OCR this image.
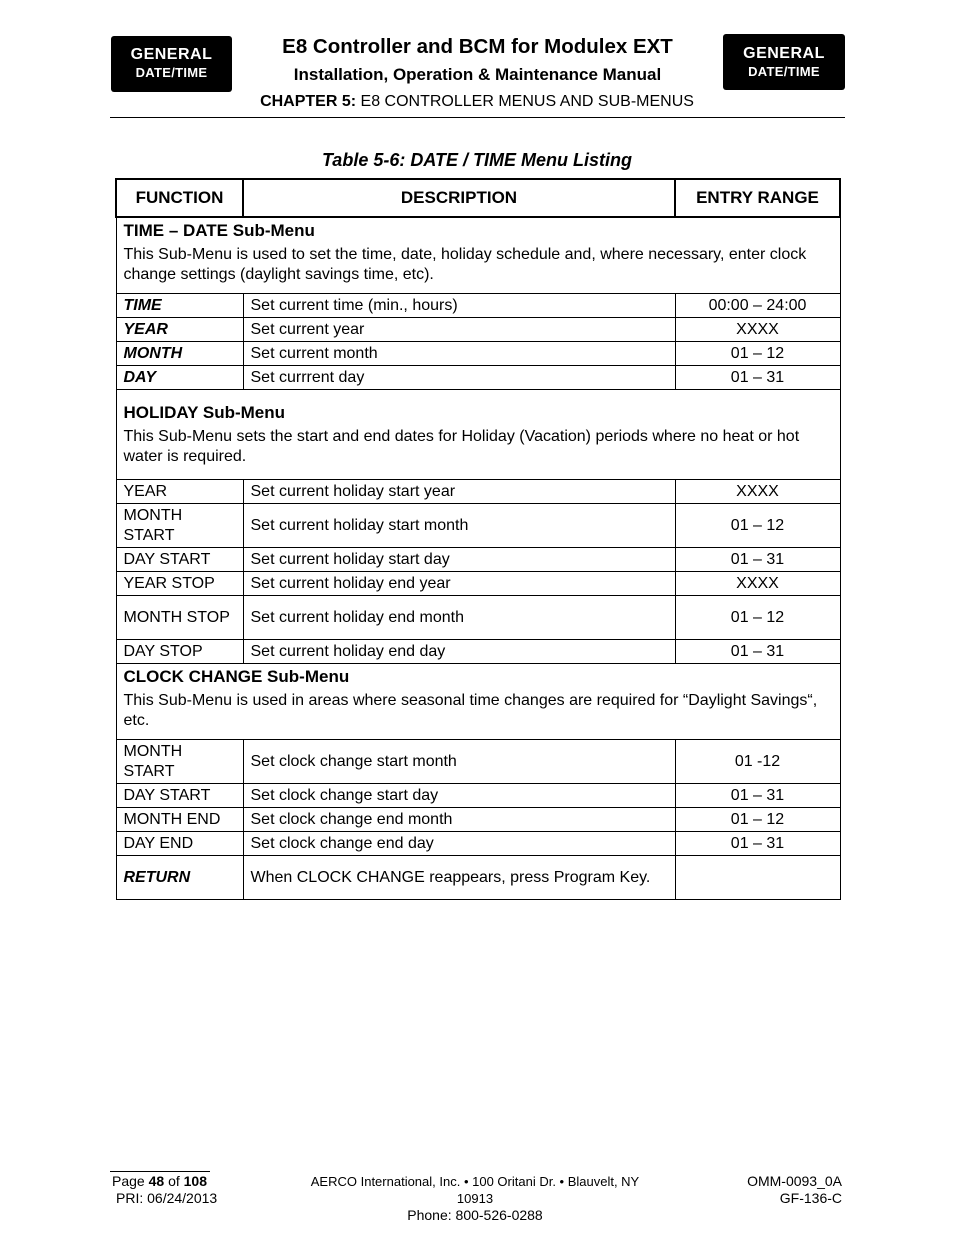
GENERAL
DATE/TIME
E8 Controller and BCM for Modulex EXT
Installation, Operation & Maintenance Manual
GENERAL
DATE/TIME
CHAPTER 5: E8 CONTROLLER MENUS AND SUB-MENUS
Table 5-6: DATE / TIME Menu Listing
FUNCTION	DESCRIPTION	ENTRY RANGE

TIME – DATE Sub-Menu
This Sub-Menu is used to set the time, date, holiday schedule and, where necessary, enter clock change settings (daylight savings time, etc).		

TIME	Set current time (min., hours)	00:00 – 24:00
YEAR	Set current year	XXXX
MONTH	Set current month	01 – 12
DAY	Set currrent day	01 – 31

HOLIDAY Sub-Menu
This Sub-Menu sets the start and end dates for Holiday (Vacation) periods where no heat or hot water is required.		

YEAR	Set current holiday start year	XXXX
MONTH START	Set current holiday start month	01 – 12
DAY START	Set current holiday start day	01 – 31
YEAR STOP	Set current holiday end year	XXXX
MONTH STOP	Set current holiday end month	01 – 12
DAY STOP	Set current holiday end day	01 – 31

CLOCK CHANGE Sub-Menu
This Sub-Menu is used in areas where seasonal time changes are required for “Daylight Savings“, etc.		

MONTH START	Set clock change start month	01 -12
DAY START	Set clock change start day	01 – 31
MONTH END	Set clock change end month	01 – 12
DAY END	Set clock change end day	01 – 31
RETURN	When CLOCK CHANGE reappears, press Program Key.	
Page 48 of 108
PRI: 06/24/2013
AERCO International, Inc. • 100 Oritani Dr. • Blauvelt, NY 10913
Phone: 800-526-0288
OMM-0093_0A
GF-136-C
